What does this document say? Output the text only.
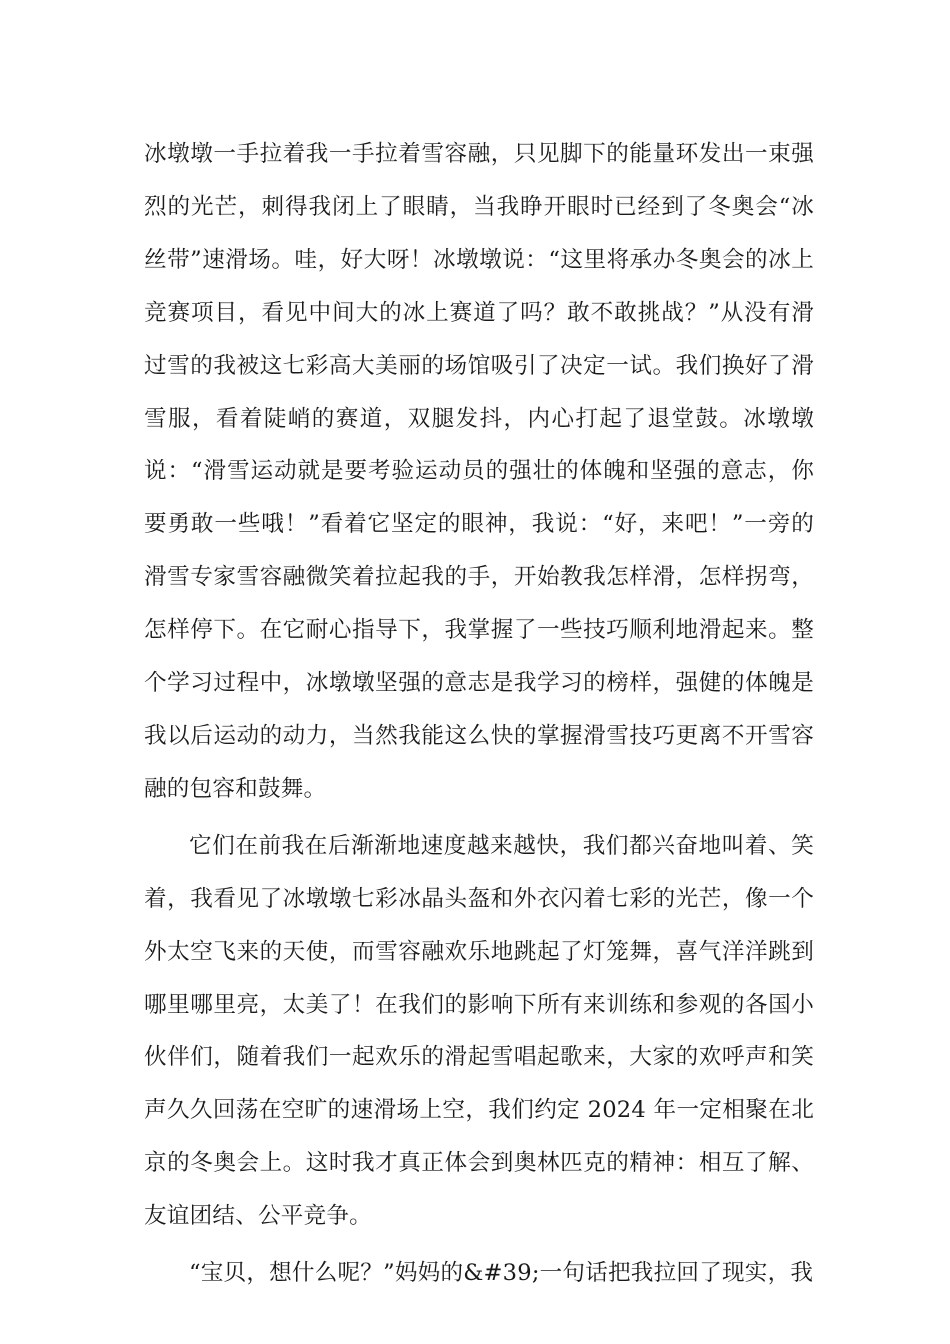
冰墩墩一手拉着我一手拉着雪容融，只见脚下的能量环发出一束强烈的光芒，刺得我闭上了眼睛，当我睁开眼时已经到了冬奥会“冰丝带”速滑场。哇，好大呀！冰墩墩说：“这里将承办冬奥会的冰上竞赛项目，看见中间大的冰上赛道了吗？敢不敢挑战？”从没有滑过雪的我被这七彩高大美丽的场馆吸引了决定一试。我们换好了滑雪服，看着陡峭的赛道，双腿发抖，内心打起了退堂鼓。冰墩墩说：“滑雪运动就是要考验运动员的强壮的体魄和坚强的意志，你要勇敢一些哦！”看着它坚定的眼神，我说：“好，来吧！”一旁的滑雪专家雪容融微笑着拉起我的手，开始教我怎样滑，怎样拐弯，怎样停下。在它耐心指导下，我掌握了一些技巧顺利地滑起来。整个学习过程中，冰墩墩坚强的意志是我学习的榜样，强健的体魄是我以后运动的动力，当然我能这么快的掌握滑雪技巧更离不开雪容融的包容和鼓舞。

它们在前我在后渐渐地速度越来越快，我们都兴奋地叫着、笑着，我看见了冰墩墩七彩冰晶头盔和外衣闪着七彩的光芒，像一个外太空飞来的天使，而雪容融欢乐地跳起了灯笼舞，喜气洋洋跳到哪里哪里亮，太美了！在我们的影响下所有来训练和参观的各国小伙伴们，随着我们一起欢乐的滑起雪唱起歌来，大家的欢呼声和笑声久久回荡在空旷的速滑场上空，我们约定 2024 年一定相聚在北京的冬奥会上。这时我才真正体会到奥林匹克的精神：相互了解、友谊团结、公平竞争。

“宝贝，想什么呢？”妈妈的&#39;一句话把我拉回了现实，我
